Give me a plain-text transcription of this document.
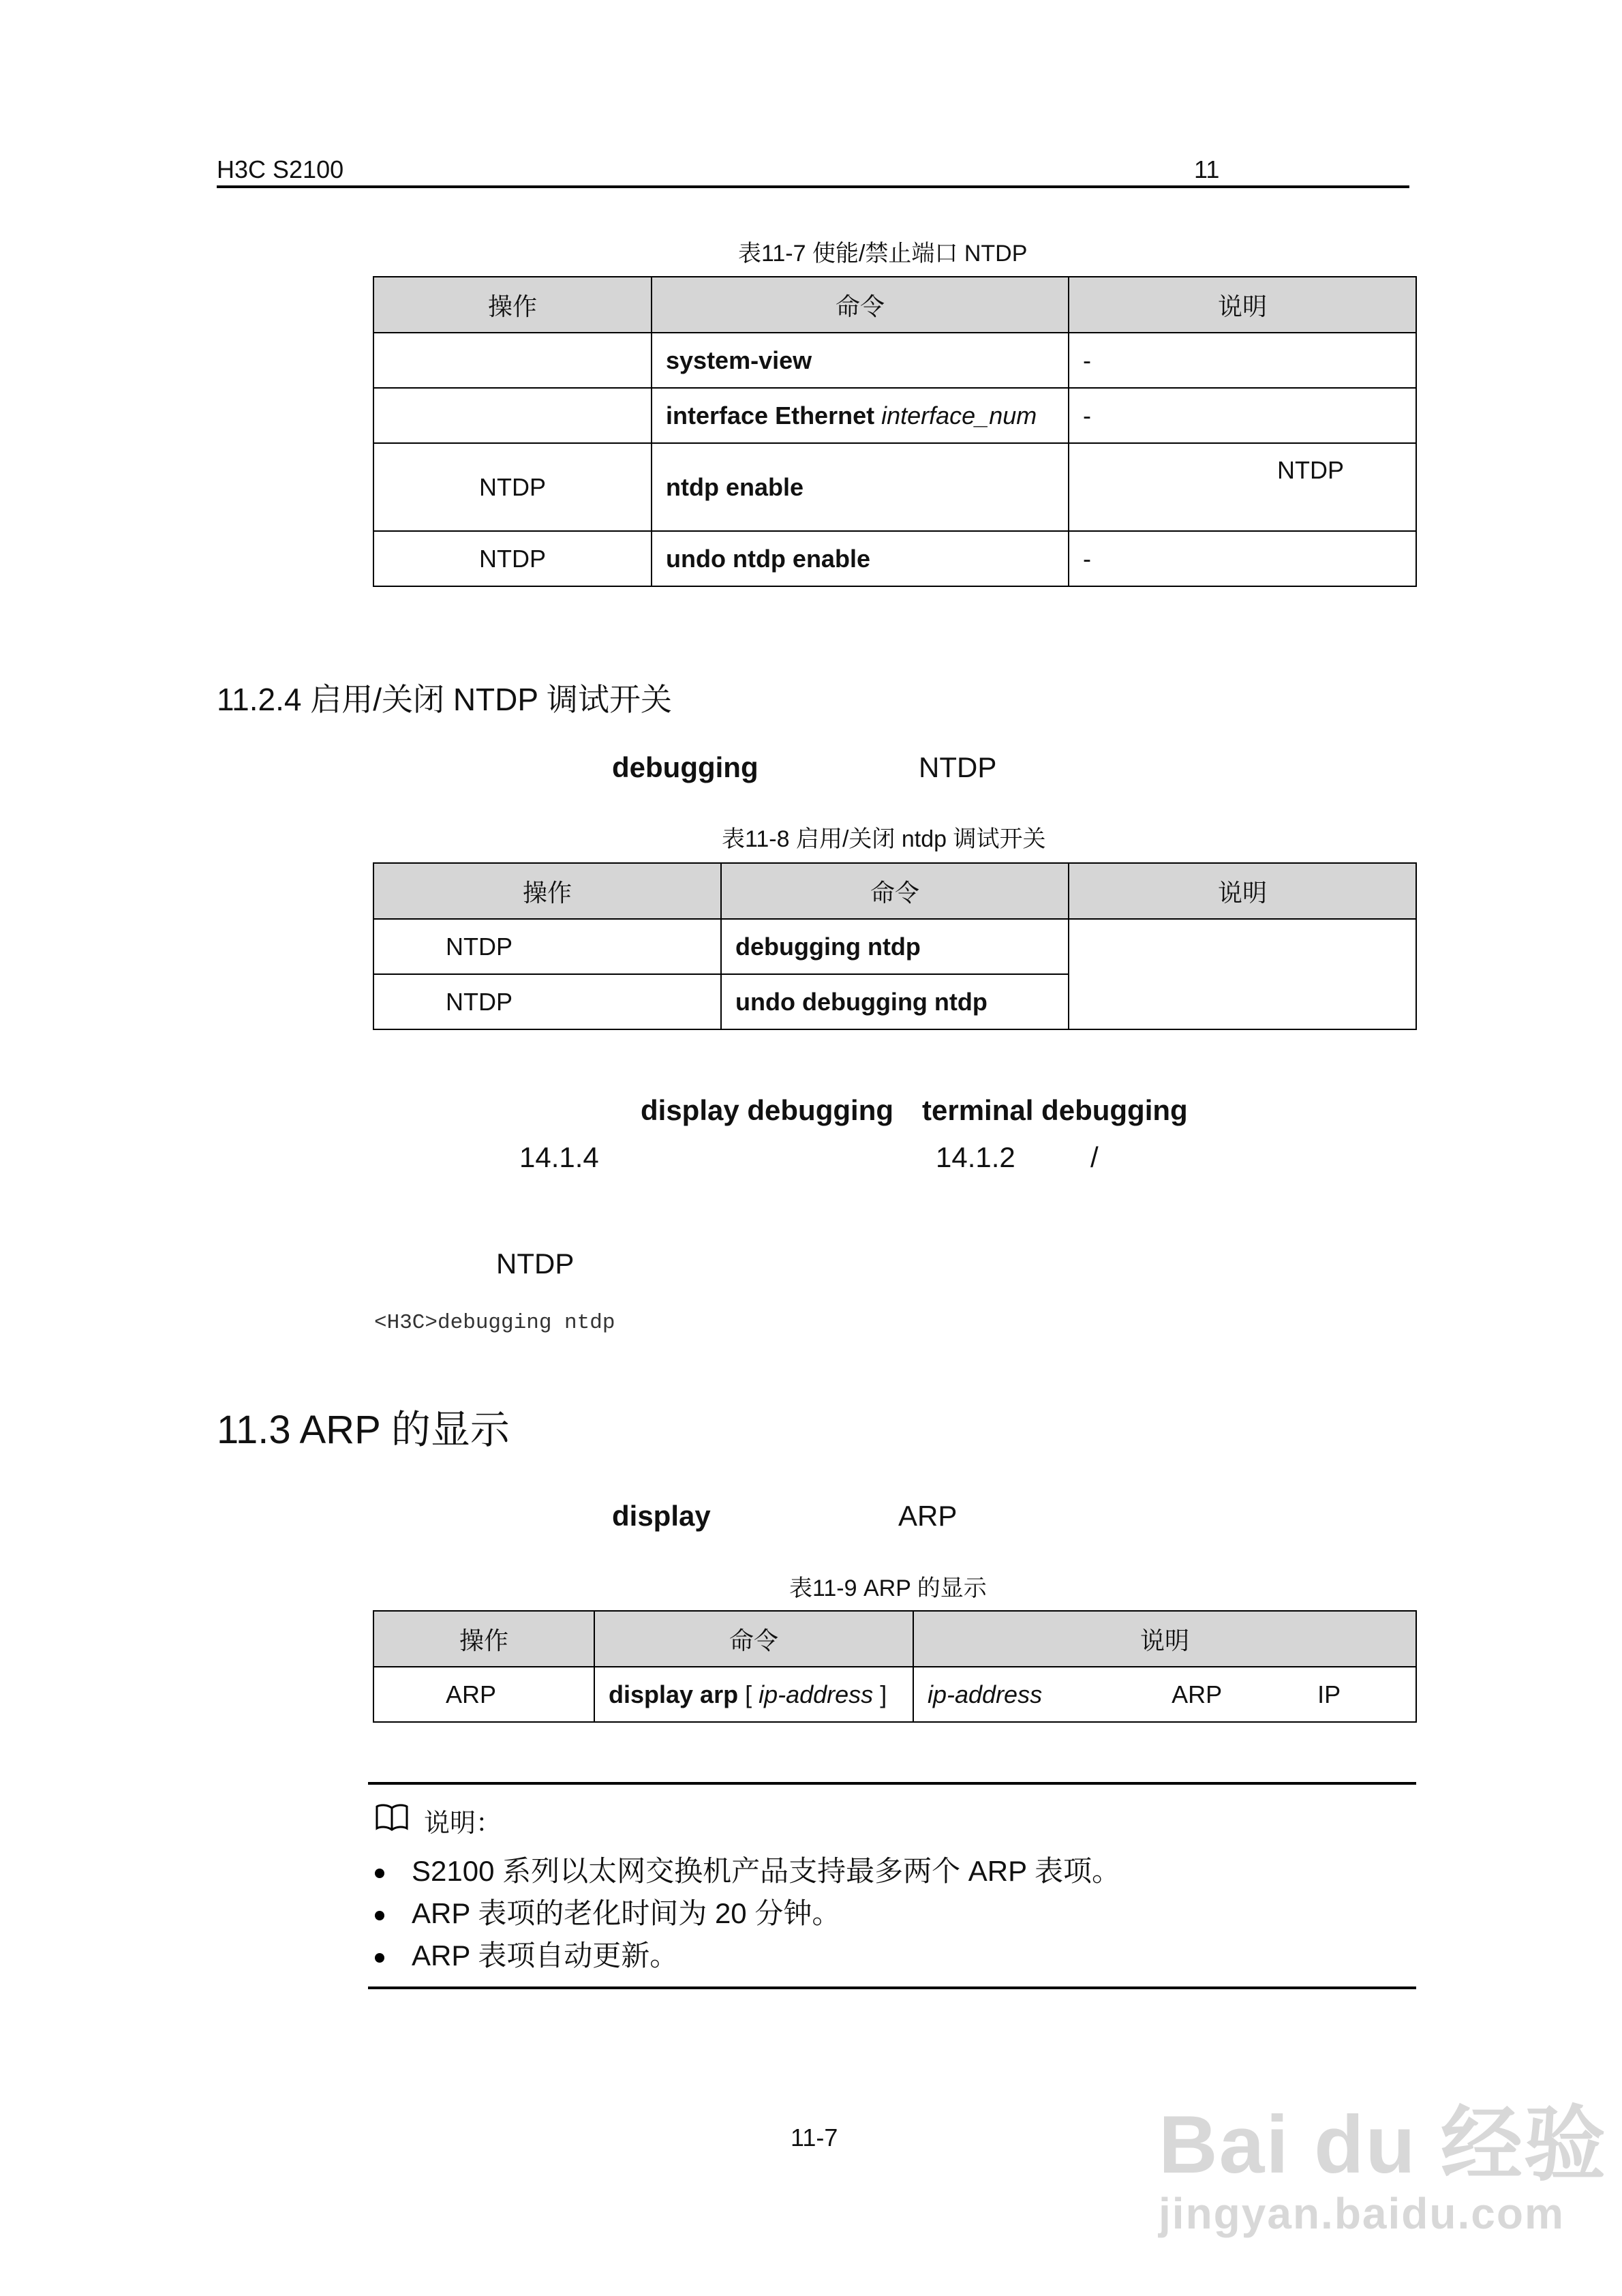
H3C S2100	11
表11-7 使能/禁止端口 NTDP
操作	命令	说明
	system-view	-
	interface Ethernet interface_num	-
NTDP	ntdp enable	NTDP
NTDP	undo ntdp enable	-
11.2.4 启用/关闭 NTDP 调试开关
debugging	NTDP
表11-8 启用/关闭 ntdp 调试开关
操作	命令	说明
NTDP	debugging ntdp	
NTDP	undo debugging ntdp	
display debugging terminal debugging
14.1.4	14.1.2	/
NTDP
<H3C>debugging ntdp
11.3 ARP 的显示
display	ARP
表11-9 ARP 的显示
操作	命令	说明
ARP	display arp [ ip-address ]	ip-address ARP IP
说明：
S2100 系列以太网交换机产品支持最多两个 ARP 表项。
ARP 表项的老化时间为 20 分钟。
ARP 表项自动更新。
11-7	Bai du 经验
jingyan.baidu.com
